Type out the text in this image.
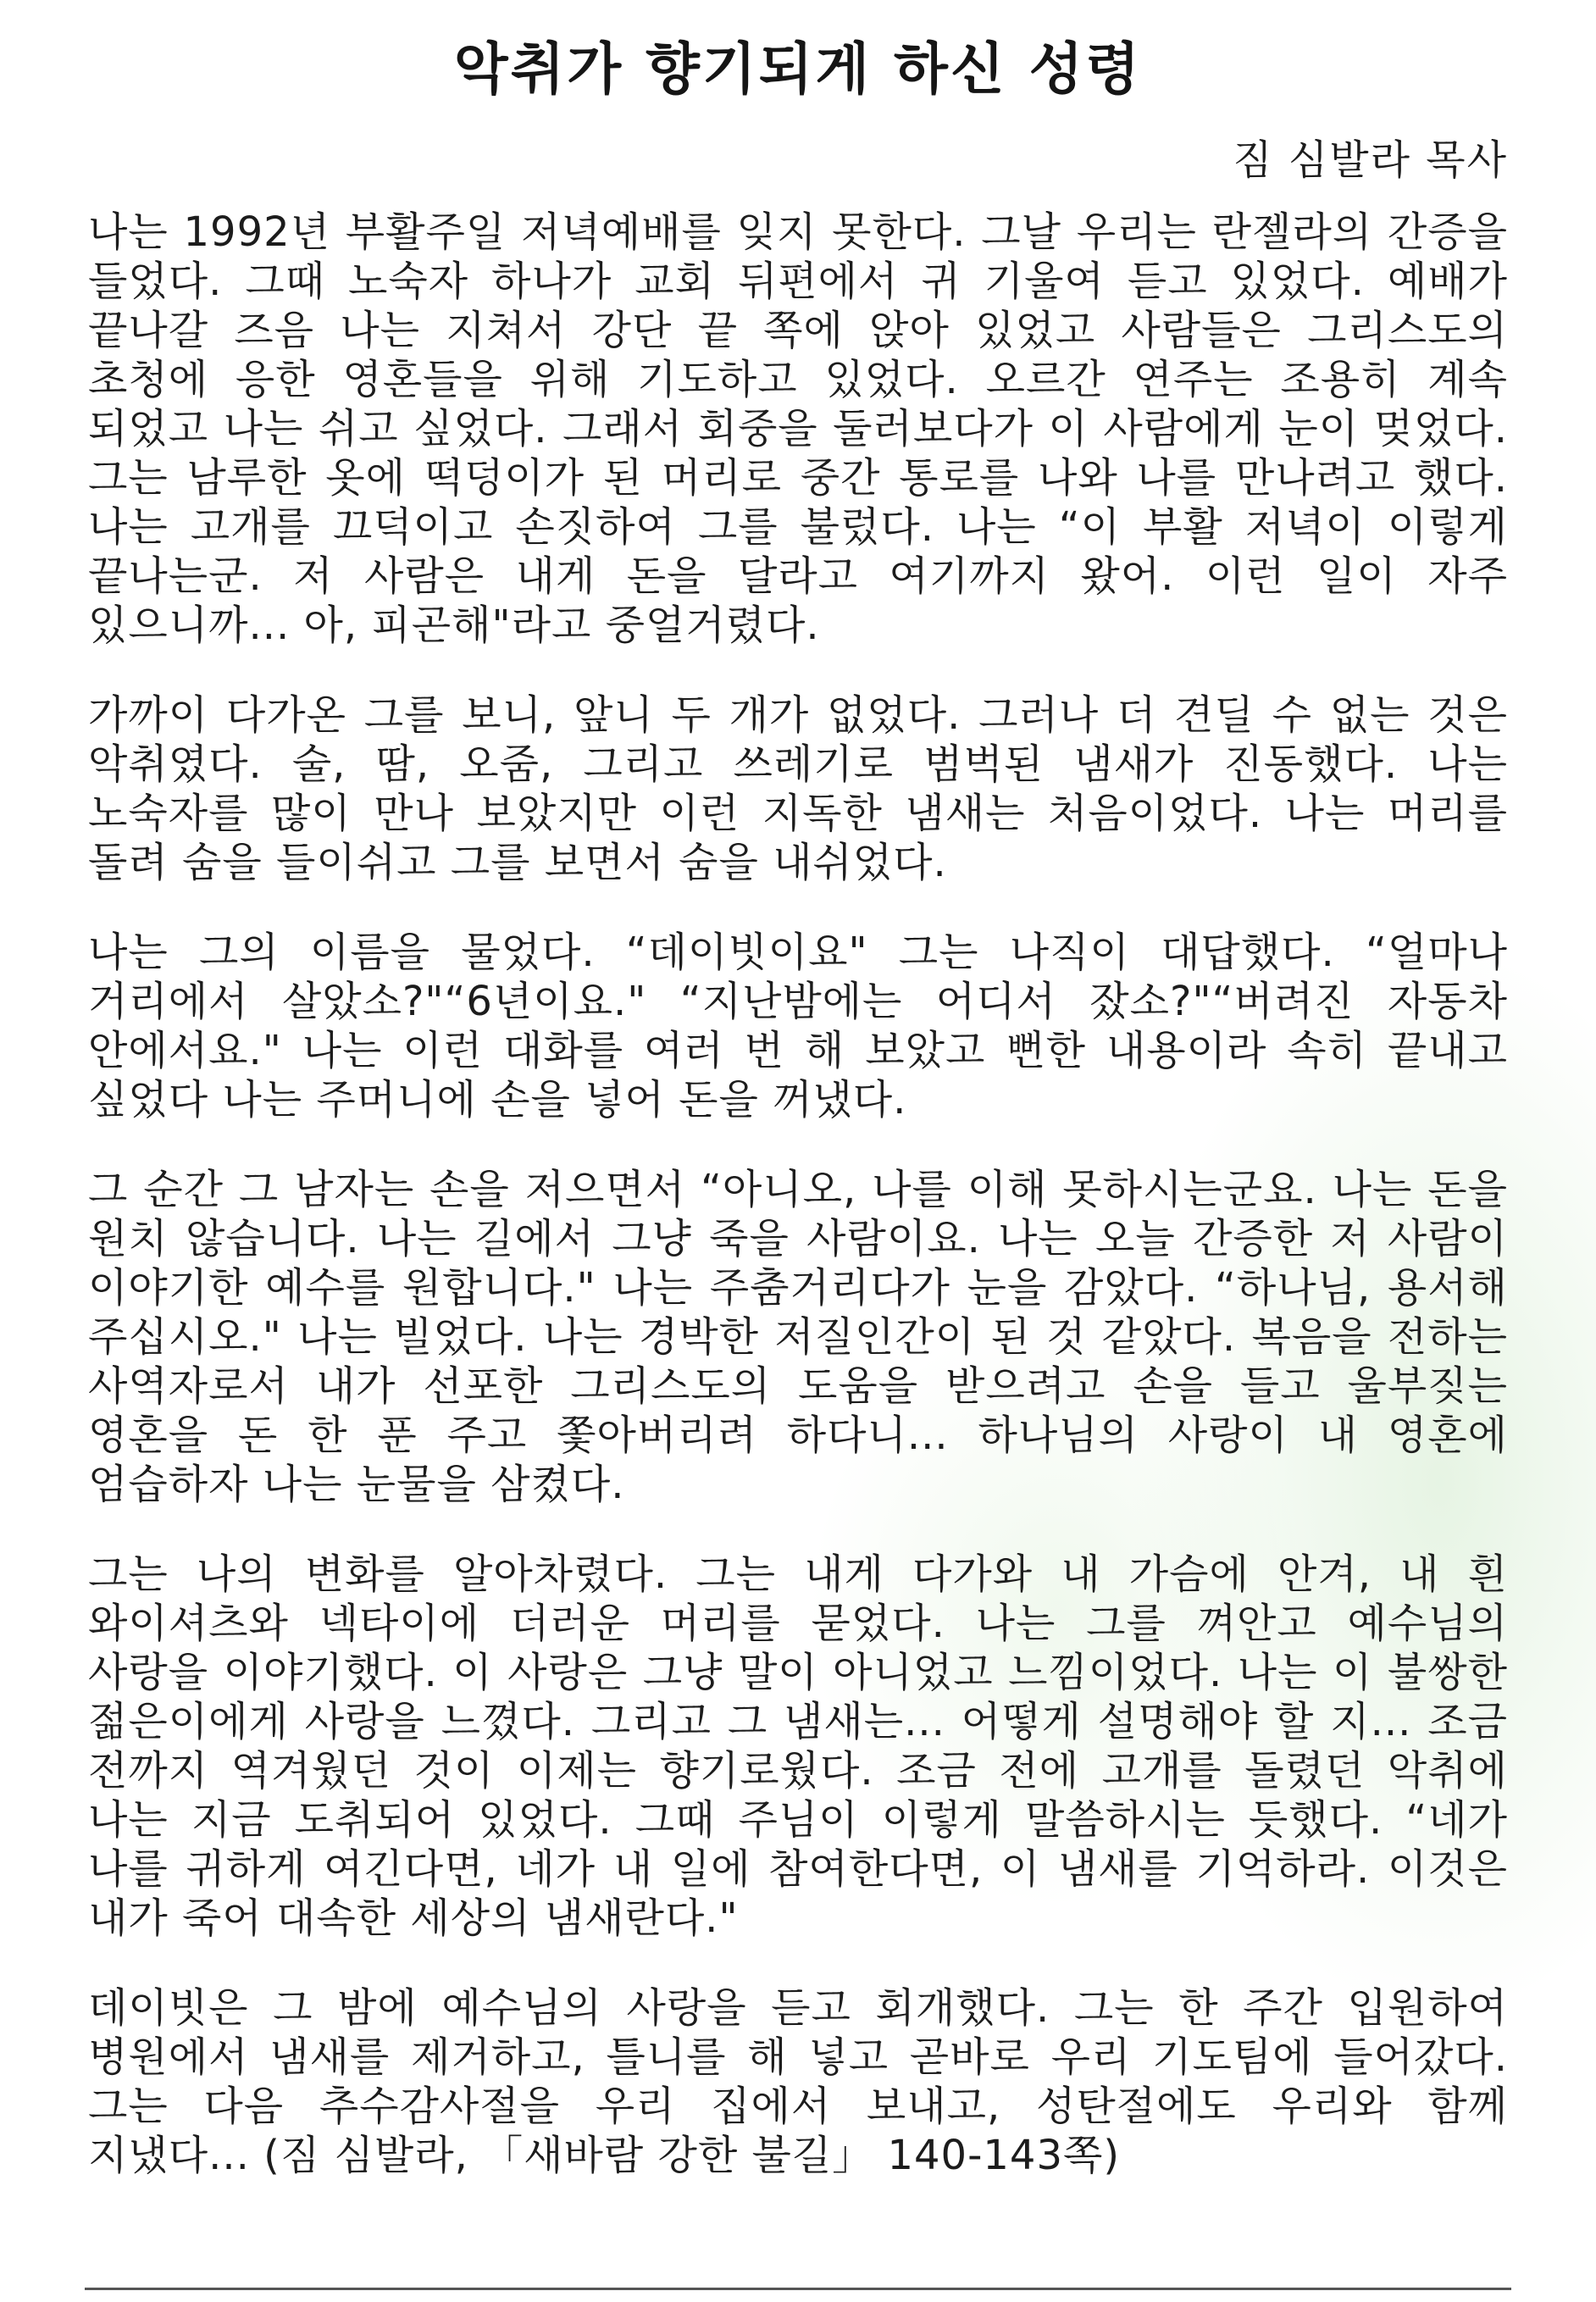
악취가 향기되게 하신 성령

짐 심발라 목사

나는 1992년 부활주일 저녁예배를 잊지 못한다. 그날 우리는 란젤라의 간증을 들었다. 그때 노숙자 하나가 교회 뒤편에서 귀 기울여 듣고 있었다. 예배가 끝나갈 즈음 나는 지쳐서 강단 끝 쪽에 앉아 있었고 사람들은 그리스도의 초청에 응한 영혼들을 위해 기도하고 있었다. 오르간 연주는 조용히 계속 되었고 나는 쉬고 싶었다. 그래서 회중을 둘러보다가 이 사람에게 눈이 멎었다. 그는 남루한 옷에 떡덩이가 된 머리로 중간 통로를 나와 나를 만나려고 했다. 나는 고개를 끄덕이고 손짓하여 그를 불렀다. 나는 “이 부활 저녁이 이렇게 끝나는군. 저 사람은 내게 돈을 달라고 여기까지 왔어. 이런 일이 자주 있으니까... 아, 피곤해"라고 중얼거렸다.

가까이 다가온 그를 보니, 앞니 두 개가 없었다. 그러나 더 견딜 수 없는 것은 악취였다. 술, 땀, 오줌, 그리고 쓰레기로 범벅된 냄새가 진동했다. 나는 노숙자를 많이 만나 보았지만 이런 지독한 냄새는 처음이었다. 나는 머리를 돌려 숨을 들이쉬고 그를 보면서 숨을 내쉬었다.

나는 그의 이름을 물었다. “데이빗이요" 그는 나직이 대답했다. “얼마나 거리에서 살았소?"“6년이요." “지난밤에는 어디서 잤소?"“버려진 자동차 안에서요." 나는 이런 대화를 여러 번 해 보았고 뻔한 내용이라 속히 끝내고 싶었다 나는 주머니에 손을 넣어 돈을 꺼냈다.

그 순간 그 남자는 손을 저으면서 “아니오, 나를 이해 못하시는군요. 나는 돈을 원치 않습니다. 나는 길에서 그냥 죽을 사람이요. 나는 오늘 간증한 저 사람이 이야기한 예수를 원합니다." 나는 주춤거리다가 눈을 감았다. “하나님, 용서해 주십시오." 나는 빌었다. 나는 경박한 저질인간이 된 것 같았다. 복음을 전하는 사역자로서 내가 선포한 그리스도의 도움을 받으려고 손을 들고 울부짖는 영혼을 돈 한 푼 주고 쫓아버리려 하다니... 하나님의 사랑이 내 영혼에 엄습하자 나는 눈물을 삼켰다.

그는 나의 변화를 알아차렸다. 그는 내게 다가와 내 가슴에 안겨, 내 흰 와이셔츠와 넥타이에 더러운 머리를 묻었다. 나는 그를 껴안고 예수님의 사랑을 이야기했다. 이 사랑은 그냥 말이 아니었고 느낌이었다. 나는 이 불쌍한 젊은이에게 사랑을 느꼈다. 그리고 그 냄새는... 어떻게 설명해야 할 지... 조금 전까지 역겨웠던 것이 이제는 향기로웠다. 조금 전에 고개를 돌렸던 악취에 나는 지금 도취되어 있었다. 그때 주님이 이렇게 말씀하시는 듯했다. “네가 나를 귀하게 여긴다면, 네가 내 일에 참여한다면, 이 냄새를 기억하라. 이것은 내가 죽어 대속한 세상의 냄새란다."

데이빗은 그 밤에 예수님의 사랑을 듣고 회개했다. 그는 한 주간 입원하여 병원에서 냄새를 제거하고, 틀니를 해 넣고 곧바로 우리 기도팀에 들어갔다. 그는 다음 추수감사절을 우리 집에서 보내고, 성탄절에도 우리와 함께 지냈다... (짐 심발라, 「새바람 강한 불길」 140-143쪽)
